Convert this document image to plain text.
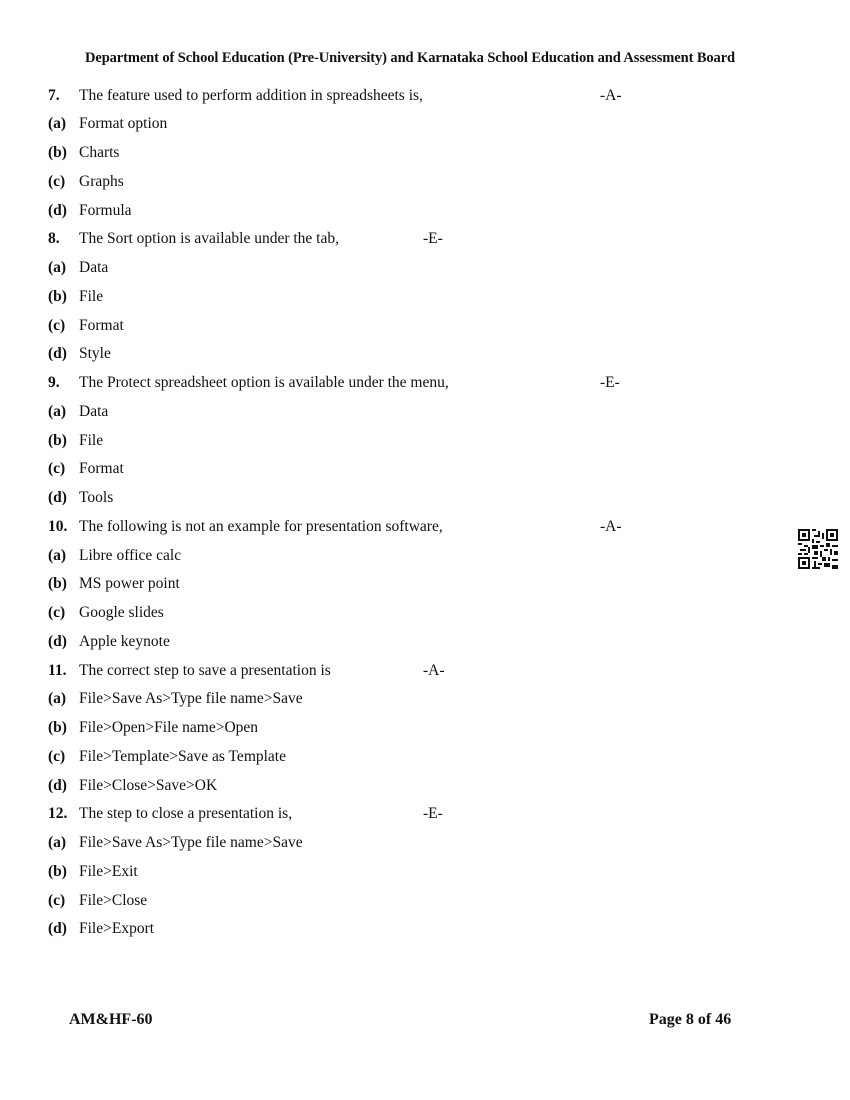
Department of School Education (Pre-University) and Karnataka School Education and Assessment Board
7. The feature used to perform addition in spreadsheets is,	-A-
(a) Format option
(b) Charts
(c) Graphs
(d) Formula
8. The Sort option is available under the tab,	-E-
(a) Data
(b) File
(c) Format
(d) Style
9. The Protect spreadsheet option is available under the menu,	-E-
(a) Data
(b) File
(c) Format
(d) Tools
10. The following is not an example for presentation software,	-A-
(a) Libre office calc
(b) MS power point
(c) Google slides
(d) Apple keynote
11. The correct step to save a presentation is	-A-
(a) File>Save As>Type file name>Save
(b) File>Open>File name>Open
(c) File>Template>Save as Template
(d) File>Close>Save>OK
12. The step to close a presentation is,	-E-
(a) File>Save As>Type file name>Save
(b) File>Exit
(c) File>Close
(d) File>Export
AM&HF-60	Page 8 of 46
